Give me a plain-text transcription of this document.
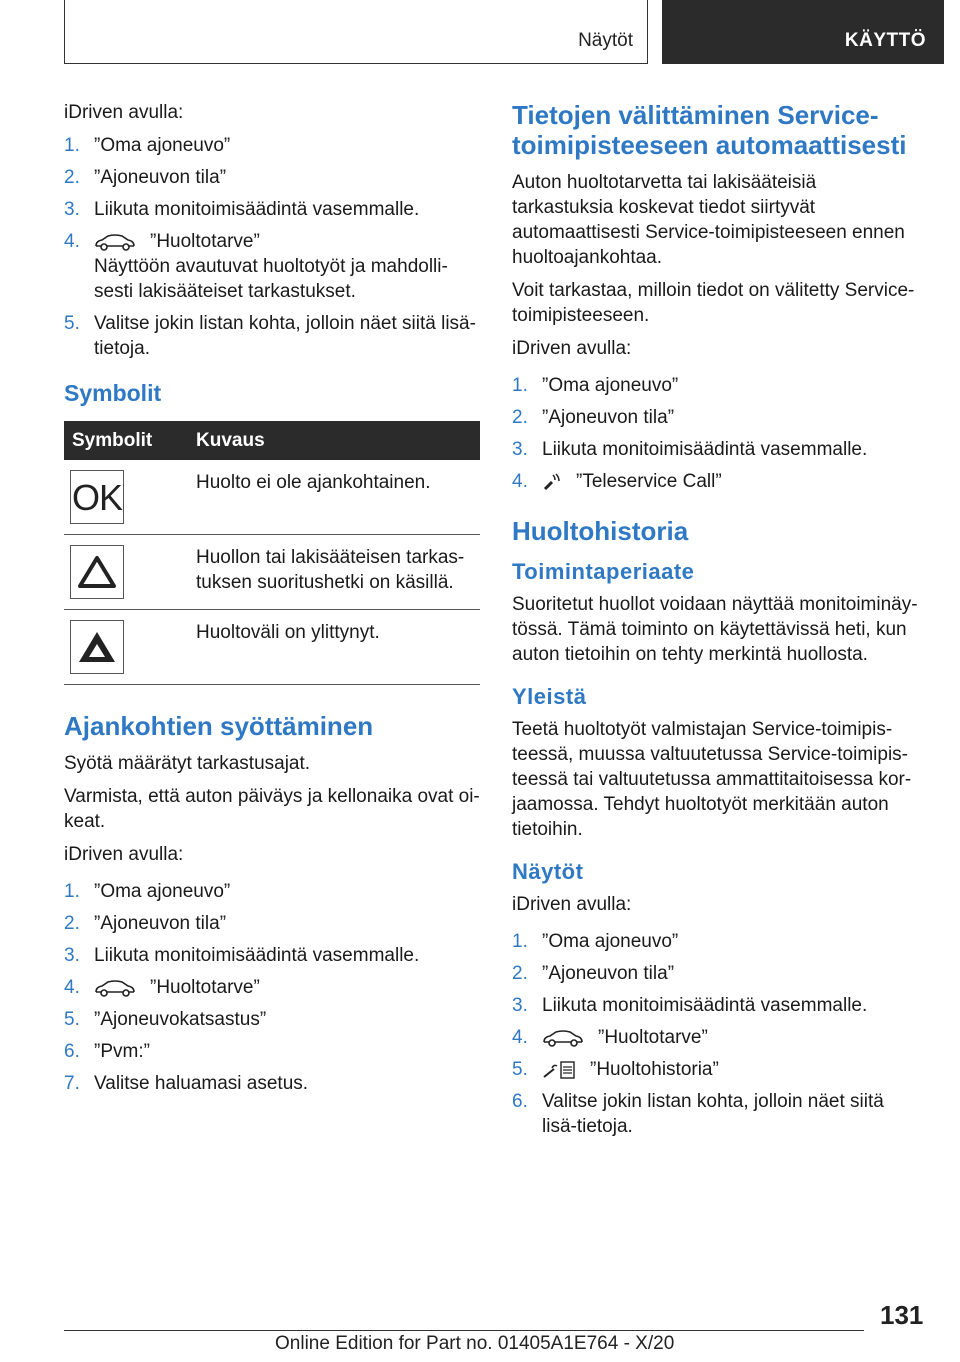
Näytöt	KÄYTTÖ

iDriven avulla:

1. ”Oma ajoneuvo”
2. ”Ajoneuvon tila”
3. Liikuta monitoimisäädintä vasemmalle.
4.	”Huoltotarve”
Näyttöön avautuvat huoltotyöt ja mahdolli-sesti lakisääteiset tarkastukset.
5. Valitse jokin listan kohta, jolloin näet siitä lisä-tietoja.
Symbolit
Symbolit	Kuvaus

OK	Huolto ei ole ajankohtainen.

	Huollon tai lakisääteisen tarkas-tuksen suoritushetki on käsillä.

	Huoltoväli on ylittynyt.
Ajankohtien syöttäminen

Syötä määrätyt tarkastusajat.

Varmista, että auton päiväys ja kellonaika ovat oi-keat.

iDriven avulla:

1. ”Oma ajoneuvo”
2. ”Ajoneuvon tila”
3. Liikuta monitoimisäädintä vasemmalle.
4.	”Huoltotarve”
5. ”Ajoneuvokatsastus”
6. ”Pvm:”
7. Valitse haluamasi asetus.
Tietojen välittäminen Service-toimipisteeseen automaattisesti

Auton huoltotarvetta tai lakisääteisiä tarkastuksia koskevat tiedot siirtyvät automaattisesti Service-toimipisteeseen ennen huoltoajankohtaa.

Voit tarkastaa, milloin tiedot on välitetty Service-toimipisteeseen.

iDriven avulla:

1. ”Oma ajoneuvo”
2. ”Ajoneuvon tila”
3. Liikuta monitoimisäädintä vasemmalle.
4.	”Teleservice Call”
Huoltohistoria
Toimintaperiaate

Suoritetut huollot voidaan näyttää monitoiminäy-tössä. Tämä toiminto on käytettävissä heti, kun auton tietoihin on tehty merkintä huollosta.

Yleistä

Teetä huoltotyöt valmistajan Service-toimipis-teessä, muussa valtuutetussa Service-toimipis-teessä tai valtuutetussa ammattitaitoisessa kor-jaamossa. Tehdyt huoltotyöt merkitään auton tietoihin.

Näytöt

iDriven avulla:

1. ”Oma ajoneuvo”
2. ”Ajoneuvon tila”
3. Liikuta monitoimisäädintä vasemmalle.
4.	”Huoltotarve”
5.	”Huoltohistoria”
6. Valitse jokin listan kohta, jolloin näet siitä lisä-tietoja.
131
Online Edition for Part no. 01405A1E764 - X/20
